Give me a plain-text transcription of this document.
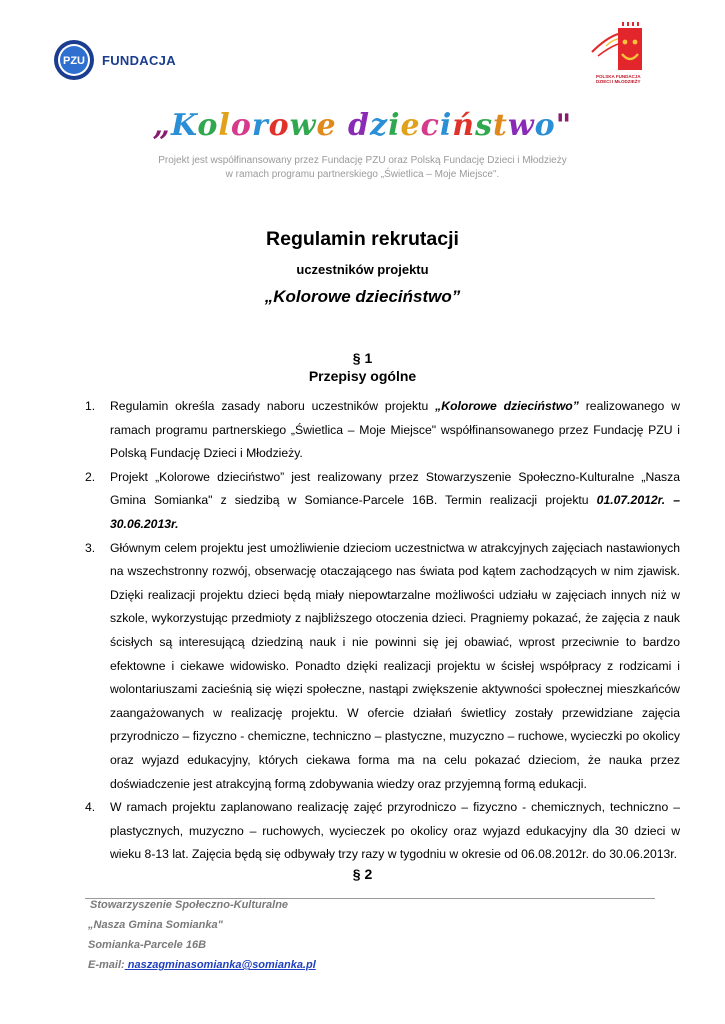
PZU FUNDACJA
POLSKA FUNDACJA DZIECI I MŁODZIEŻY
„Kolorowe dzieciństwo"
Projekt jest współfinansowany przez Fundację PZU oraz Polską Fundację Dzieci i Młodzieży
w ramach programu partnerskiego „Świetlica – Moje Miejsce".
Regulamin rekrutacji
uczestników projektu
„Kolorowe dzieciństwo”
§ 1
Przepisy ogólne
1. Regulamin określa zasady naboru uczestników projektu „Kolorowe dzieciństwo” realizowanego w ramach programu partnerskiego „Świetlica – Moje Miejsce" współfinansowanego przez Fundację PZU i Polską Fundację Dzieci i Młodzieży.
2. Projekt „Kolorowe dzieciństwo” jest realizowany przez Stowarzyszenie Społeczno-Kulturalne „Nasza Gmina Somianka" z siedzibą w Somiance-Parcele 16B. Termin realizacji projektu 01.07.2012r. – 30.06.2013r.
3. Głównym celem projektu jest umożliwienie dzieciom uczestnictwa w atrakcyjnych zajęciach nastawionych na wszechstronny rozwój, obserwację otaczającego nas świata pod kątem zachodzących w nim zjawisk. Dzięki realizacji projektu dzieci będą miały niepowtarzalne możliwości udziału w zajęciach innych niż w szkole, wykorzystując przedmioty z najbliższego otoczenia dzieci. Pragniemy pokazać, że zajęcia z nauk ścisłych są interesującą dziedziną nauk i nie powinni się jej obawiać, wprost przeciwnie to bardzo efektowne i ciekawe widowisko. Ponadto dzięki realizacji projektu w ścisłej współpracy z rodzicami i wolontariuszami zacieśnią się więzi społeczne, nastąpi zwiększenie aktywności społecznej mieszkańców zaangażowanych w realizację projektu. W ofercie działań świetlicy zostały przewidziane zajęcia przyrodniczo – fizyczno - chemiczne, techniczno – plastyczne, muzyczno – ruchowe, wycieczki po okolicy oraz wyjazd edukacyjny, których ciekawa forma ma na celu pokazać dzieciom, że nauka przez doświadczenie jest atrakcyjną formą zdobywania wiedzy oraz przyjemną formą edukacji.
4. W ramach projektu zaplanowano realizację zajęć przyrodniczo – fizyczno - chemicznych, techniczno – plastycznych, muzyczno – ruchowych, wycieczek po okolicy oraz wyjazd edukacyjny dla 30 dzieci w wieku 8-13 lat. Zajęcia będą się odbywały trzy razy w tygodniu w okresie od 06.08.2012r. do 30.06.2013r.
§ 2
Stowarzyszenie Społeczno-Kulturalne
„Nasza Gmina Somianka"
Somianka-Parcele 16B
E-mail: naszagminasomianka@somianka.pl
